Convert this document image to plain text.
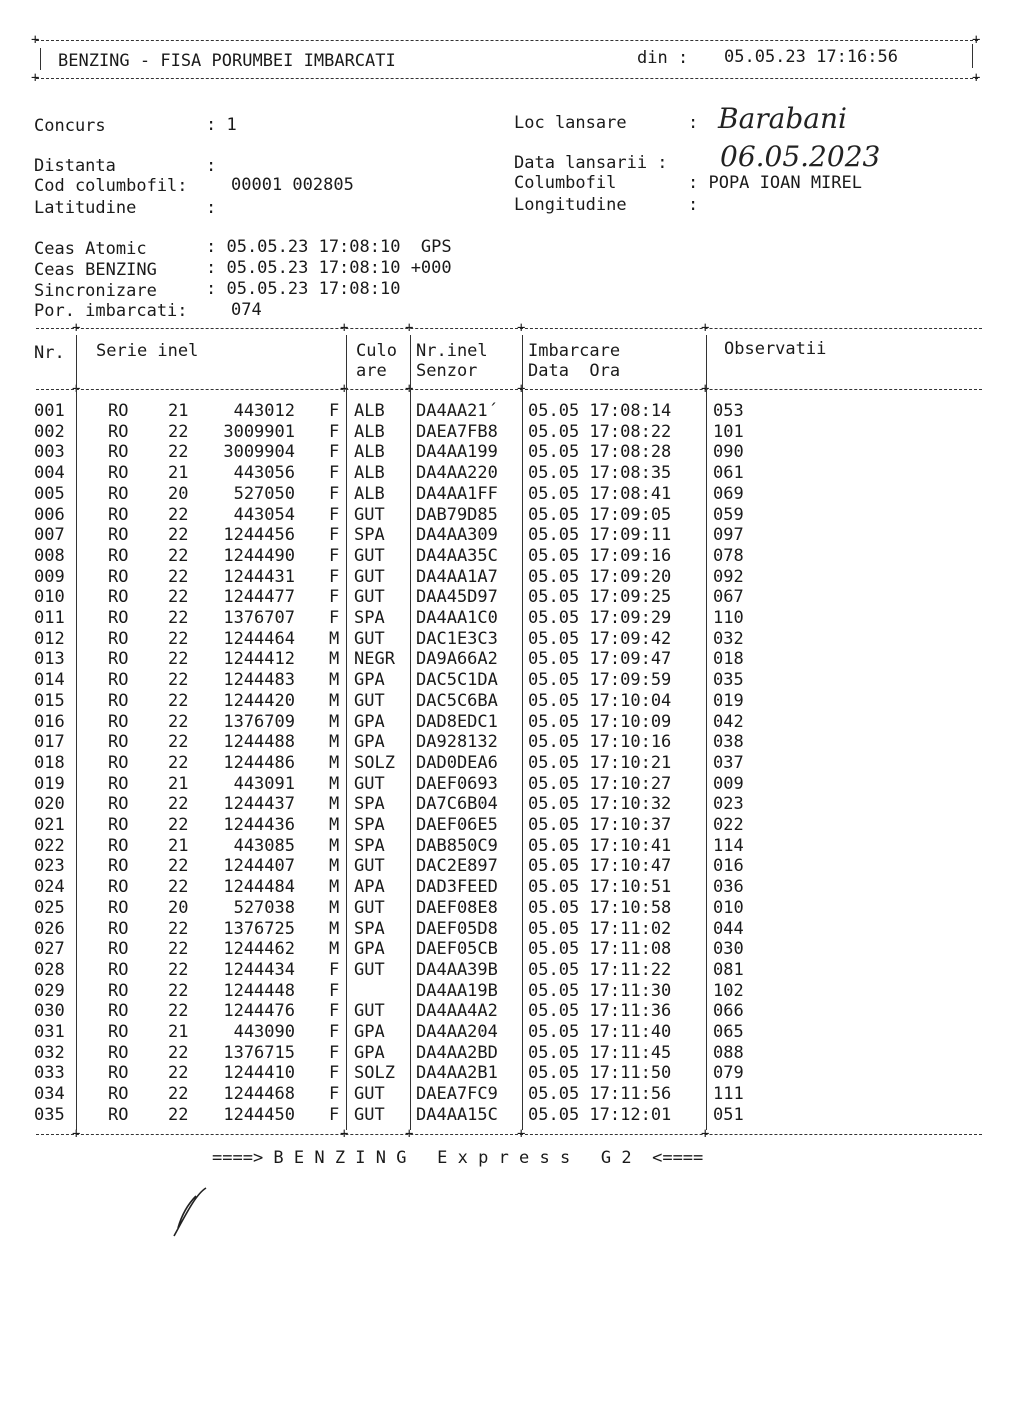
+	+
BENZING - FISA PORUMBEI IMBARCATI	din : 05.05.23 17:16:56
+	+
Concurs	: 1
Distanta	:
Cod columbofil:	00001 002805
Latitudine	:
Loc lansare	: Barabani
Data lansarii : 06.05.2023
Columbofil	: POPA IOAN MIREL
Longitudine	:
Ceas Atomic	: 05.05.23 17:08:10  GPS
Ceas BENZING	: 05.05.23 17:08:10 +000
Sincronizare	: 05.05.23 17:08:10
Por. imbarcati:	074
+	+	+	+	+
Nr. Serie inel	Culo
are
Nr.inel
Senzor
Imbarcare
Data  Ora
Observatii
+	+	+	+	+
001	RO 21	443012 F ALB DA4AA21´ 05.05 17:08:14 053
002	RO 22	3009901 F ALB DAEA7FB8 05.05 17:08:22 101
003	RO 22	3009904 F ALB DA4AA199 05.05 17:08:28 090
004	RO 21	443056 F ALB DA4AA220 05.05 17:08:35 061
005	RO 20	527050 F ALB DA4AA1FF 05.05 17:08:41 069
006	RO 22	443054 F GUT DAB79D85 05.05 17:09:05 059
007	RO 22	1244456 F SPA DA4AA309 05.05 17:09:11 097
008	RO 22	1244490 F GUT DA4AA35C 05.05 17:09:16 078
009	RO 22	1244431 F GUT DA4AA1A7 05.05 17:09:20 092
010	RO 22	1244477 F GUT DAA45D97 05.05 17:09:25 067
011	RO 22	1376707 F SPA DA4AA1C0 05.05 17:09:29 110
012	RO 22	1244464 M GUT DAC1E3C3 05.05 17:09:42 032
013	RO 22	1244412 M NEGR DA9A66A2 05.05 17:09:47 018
014	RO 22	1244483 M GPA DAC5C1DA 05.05 17:09:59 035
015	RO 22	1244420 M GUT DAC5C6BA 05.05 17:10:04 019
016	RO 22	1376709 M GPA DAD8EDC1 05.05 17:10:09 042
017	RO 22	1244488 M GPA DA928132 05.05 17:10:16 038
018	RO 22	1244486 M SOLZ DAD0DEA6 05.05 17:10:21 037
019	RO 21	443091 M GUT DAEF0693 05.05 17:10:27 009
020	RO 22	1244437 M SPA DA7C6B04 05.05 17:10:32 023
021	RO 22	1244436 M SPA DAEF06E5 05.05 17:10:37 022
022	RO 21	443085 M SPA DAB850C9 05.05 17:10:41 114
023	RO 22	1244407 M GUT DAC2E897 05.05 17:10:47 016
024	RO 22	1244484 M APA DAD3FEED 05.05 17:10:51 036
025	RO 20	527038 M GUT DAEF08E8 05.05 17:10:58 010
026	RO 22	1376725 M SPA DAEF05D8 05.05 17:11:02 044
027	RO 22	1244462 M GPA DAEF05CB 05.05 17:11:08 030
028	RO 22	1244434 F GUT DA4AA39B 05.05 17:11:22 081
029	RO 22	1244448 F	DA4AA19B 05.05 17:11:30 102
030	RO 22	1244476 F GUT DA4AA4A2 05.05 17:11:36 066
031	RO 21	443090 F GPA DA4AA204 05.05 17:11:40 065
032	RO 22	1376715 F GPA DA4AA2BD 05.05 17:11:45 088
033	RO 22	1244410 F SOLZ DA4AA2B1 05.05 17:11:50 079
034	RO 22	1244468 F GUT DAEA7FC9 05.05 17:11:56 111
035	RO 22	1244450 F GUT DA4AA15C 05.05 17:12:01 051
+	+	+	+	+
====> B E N Z I N G   E x p r e s s   G 2  <====
